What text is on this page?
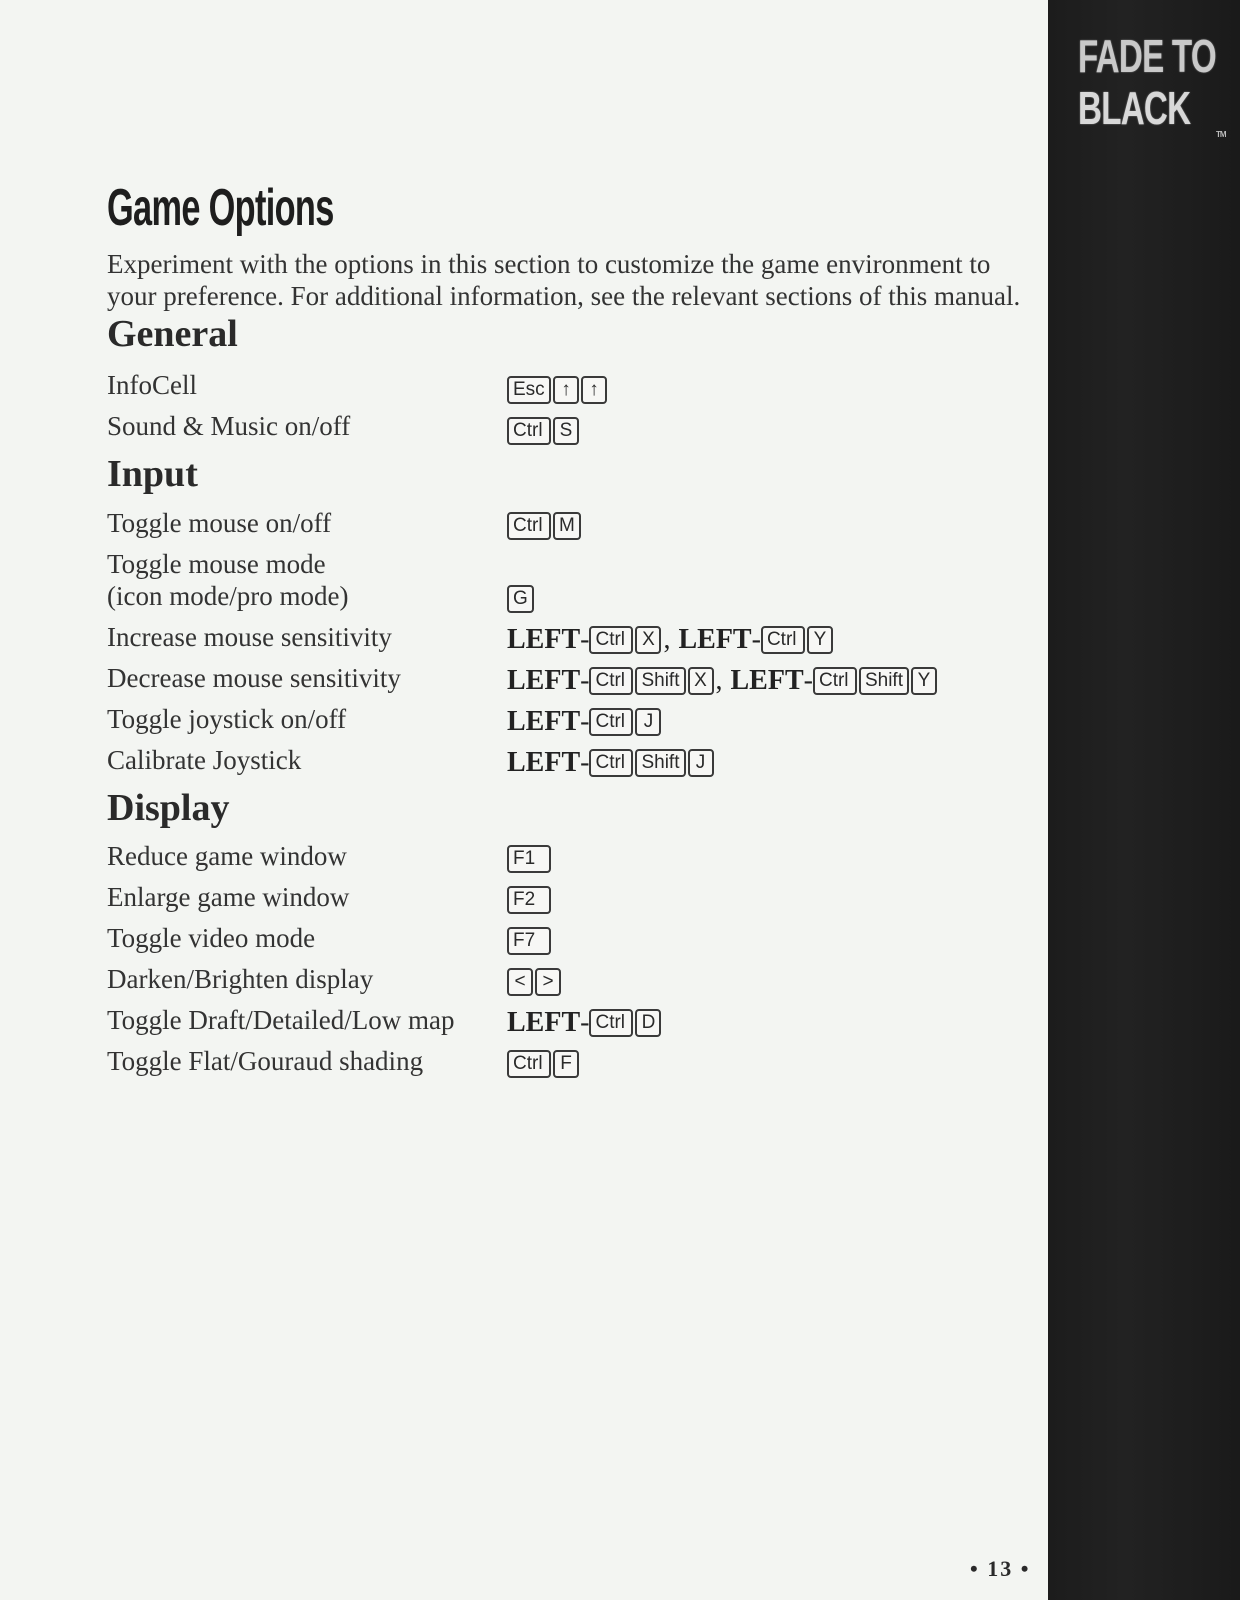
Game Options
Experiment with the options in this section to customize the game environment to your preference. For additional information, see the relevant sections of this manual.
General
InfoCell	Esc ↑ ↑
Sound & Music on/off	Ctrl S
Input
Toggle mouse on/off	Ctrl M
Toggle mouse mode
(icon mode/pro mode)	G
Increase mouse sensitivity	LEFT - Ctrl X , LEFT - Ctrl Y
Decrease mouse sensitivity	LEFT - Ctrl Shift X , LEFT - Ctrl Shift Y
Toggle joystick on/off	LEFT - Ctrl J
Calibrate Joystick	LEFT - Ctrl Shift J
Display
Reduce game window	F1
Enlarge game window	F2
Toggle video mode	F7
Darken/Brighten display	< >
Toggle Draft/Detailed/Low map LEFT - Ctrl D
Toggle Flat/Gouraud shading	Ctrl F
• 13 •
FADE TO
BLACK
TM
